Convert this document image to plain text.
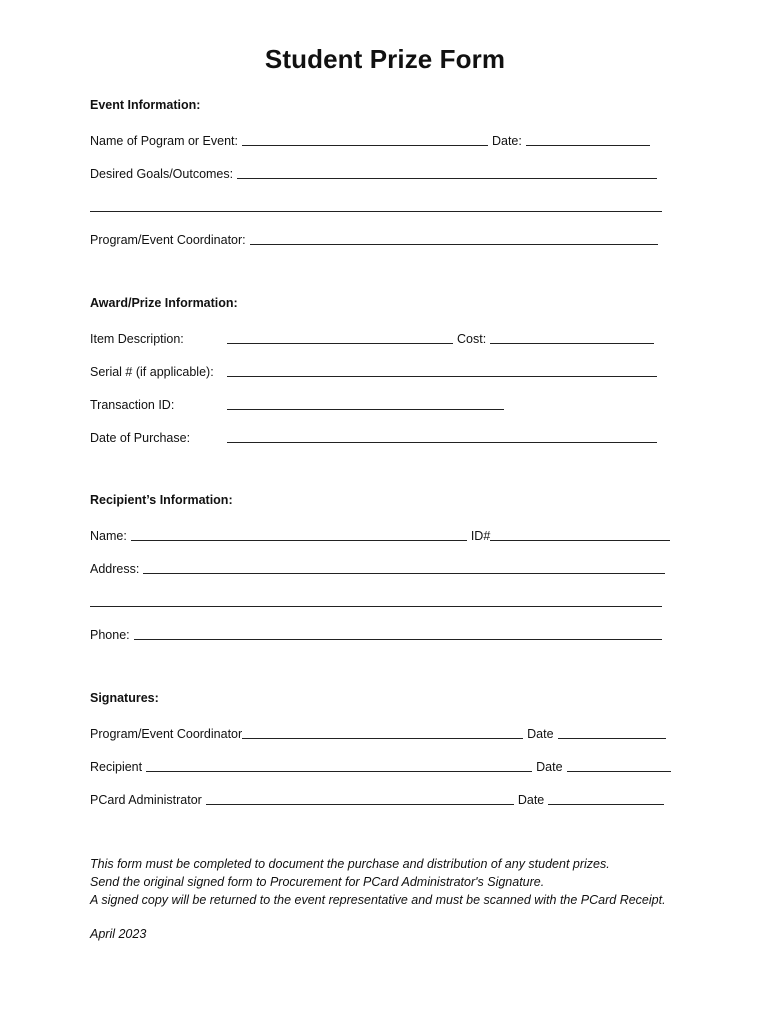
Student Prize Form
Event Information:
Name of Pogram or Event:	Date:
Desired Goals/Outcomes:
Program/Event Coordinator:
Award/Prize Information:
Item Description:	Cost:
Serial # (if applicable):
Transaction ID:
Date of Purchase:
Recipient’s Information:
Name:	ID#
Address:
Phone:
Signatures:
Program/Event Coordinator	Date
Recipient	Date
PCard Administrator	Date
This form must be completed to document the purchase and distribution of any student prizes.
Send the original signed form to Procurement for PCard Administrator's Signature.
A signed copy will be returned to the event representative and must be scanned with the PCard Receipt.
April 2023
